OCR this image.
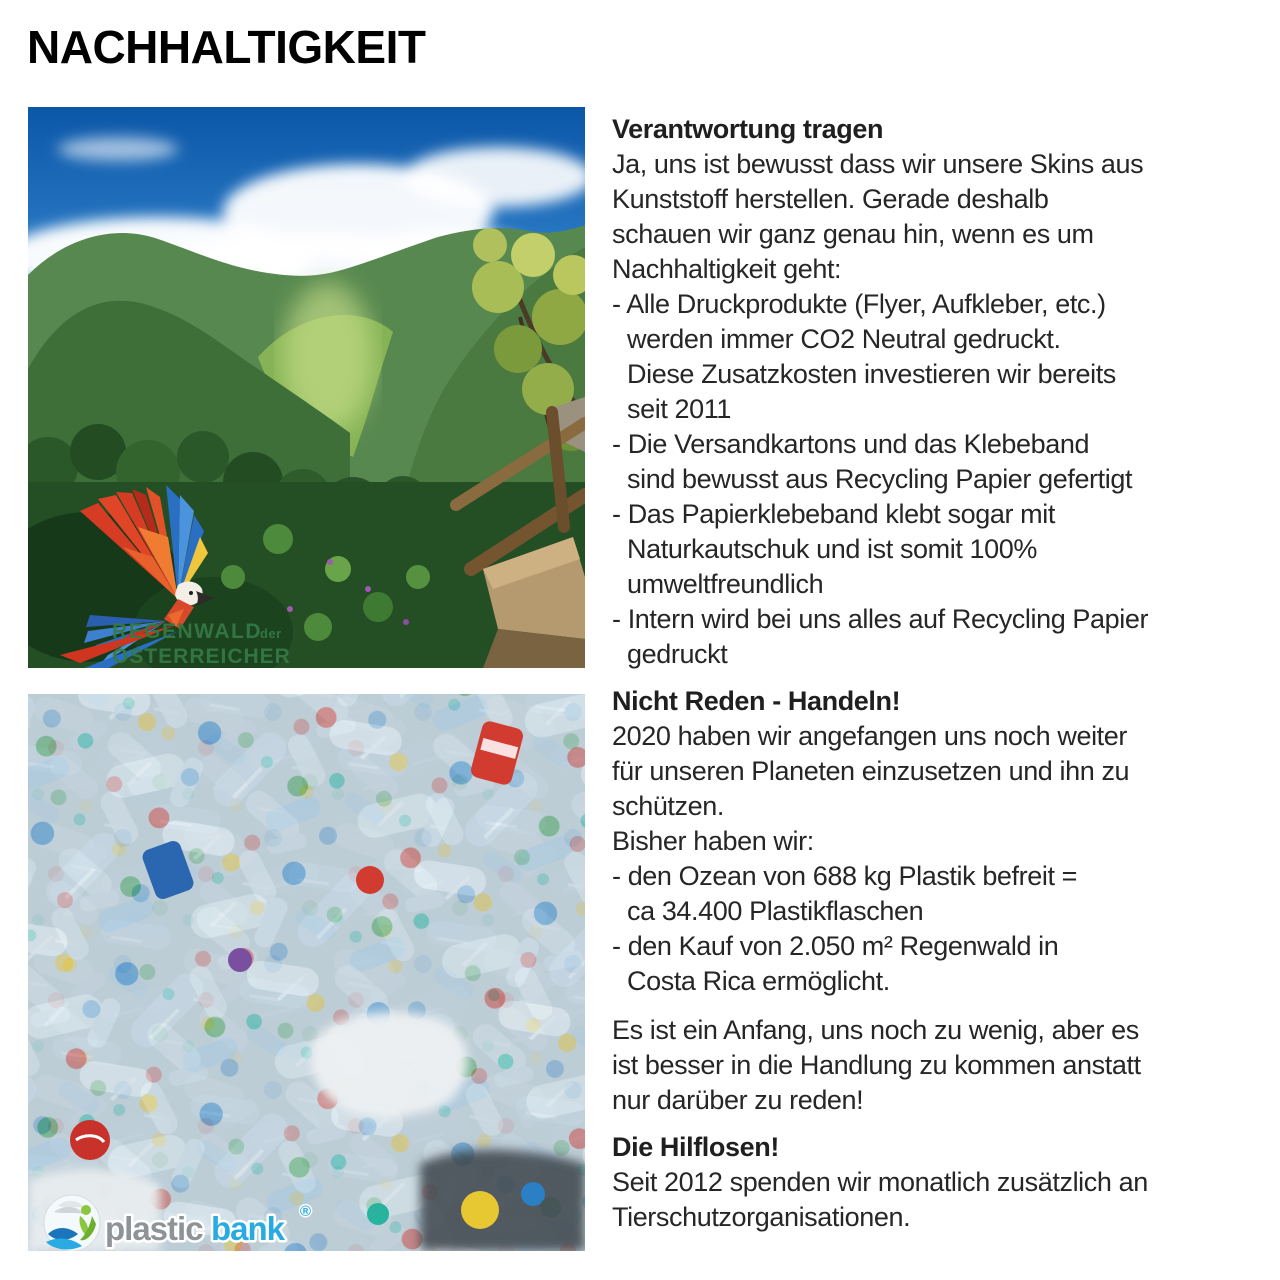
NACHHALTIGKEIT
REGENWALD
der
ÖSTERREICHER
plastic bank ®
Verantwortung tragen

Ja, uns ist bewusst dass wir unsere Skins aus
Kunststoff herstellen. Gerade deshalb
schauen wir ganz genau hin, wenn es um
Nachhaltigkeit geht:

- Alle Druckprodukte (Flyer, Aufkleber, etc.)
werden immer CO2 Neutral gedruckt.
Diese Zusatzkosten investieren wir bereits
seit 2011
- Die Versandkartons und das Klebeband
sind bewusst aus Recycling Papier gefertigt
- Das Papierklebeband klebt sogar mit
Naturkautschuk und ist somit 100%
umweltfreundlich
- Intern wird bei uns alles auf Recycling Papier
gedruckt
Nicht Reden - Handeln!

2020 haben wir angefangen uns noch weiter
für unseren Planeten einzusetzen und ihn zu
schützen.
Bisher haben wir:

- den Ozean von 688 kg Plastik befreit =
ca 34.400 Plastikflaschen
- den Kauf von 2.050 m² Regenwald in
Costa Rica ermöglicht.

Es ist ein Anfang, uns noch zu wenig, aber es
ist besser in die Handlung zu kommen anstatt
nur darüber zu reden!

Die Hilflosen!

Seit 2012 spenden wir monatlich zusätzlich an
Tierschutzorganisationen.
